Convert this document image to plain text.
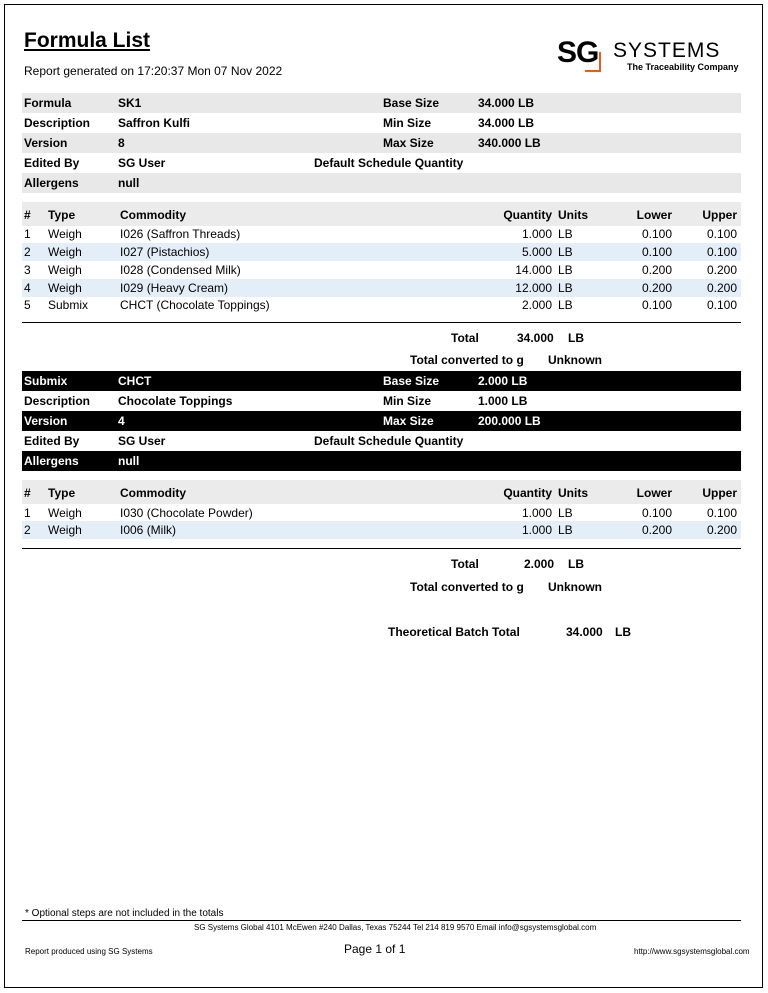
Formula List
Report generated on 17:20:37 Mon 07 Nov 2022
SG SYSTEMS
The Traceability Company
Formula	SK1	Base Size	34.000 LB
Description Saffron Kulfi	Min Size	34.000 LB
Version	8	Max Size	340.000 LB
Edited By	SG User	Default Schedule Quantity
Allergens	null
# Type	Commodity	Quantity Units	Lower	Upper
1 Weigh	I026 (Saffron Threads)	1.000 LB	0.100	0.100
2 Weigh	I027 (Pistachios)	5.000 LB	0.100	0.100
3 Weigh	I028 (Condensed Milk)	14.000 LB	0.200	0.200
4 Weigh	I029 (Heavy Cream)	12.000 LB	0.200	0.200
5 Submix	CHCT (Chocolate Toppings)	2.000 LB	0.100	0.100
Total	34.000 LB
Total converted to g Unknown
Submix	CHCT	Base Size	2.000 LB
Description Chocolate Toppings	Min Size	1.000 LB
Version	4	Max Size	200.000 LB
Edited By	SG User	Default Schedule Quantity
Allergens	null
# Type	Commodity	Quantity Units	Lower	Upper
1 Weigh	I030 (Chocolate Powder)	1.000 LB	0.100	0.100
2 Weigh	I006 (Milk)	1.000 LB	0.200	0.200
Total	2.000 LB
Total converted to g Unknown
Theoretical Batch Total	34.000 LB
* Optional steps are not included in the totals
SG Systems Global 4101 McEwen #240 Dallas, Texas 75244 Tel 214 819 9570 Email info@sgsystemsglobal.com
Report produced using SG Systems	Page 1 of 1	http://www.sgsystemsglobal.com
